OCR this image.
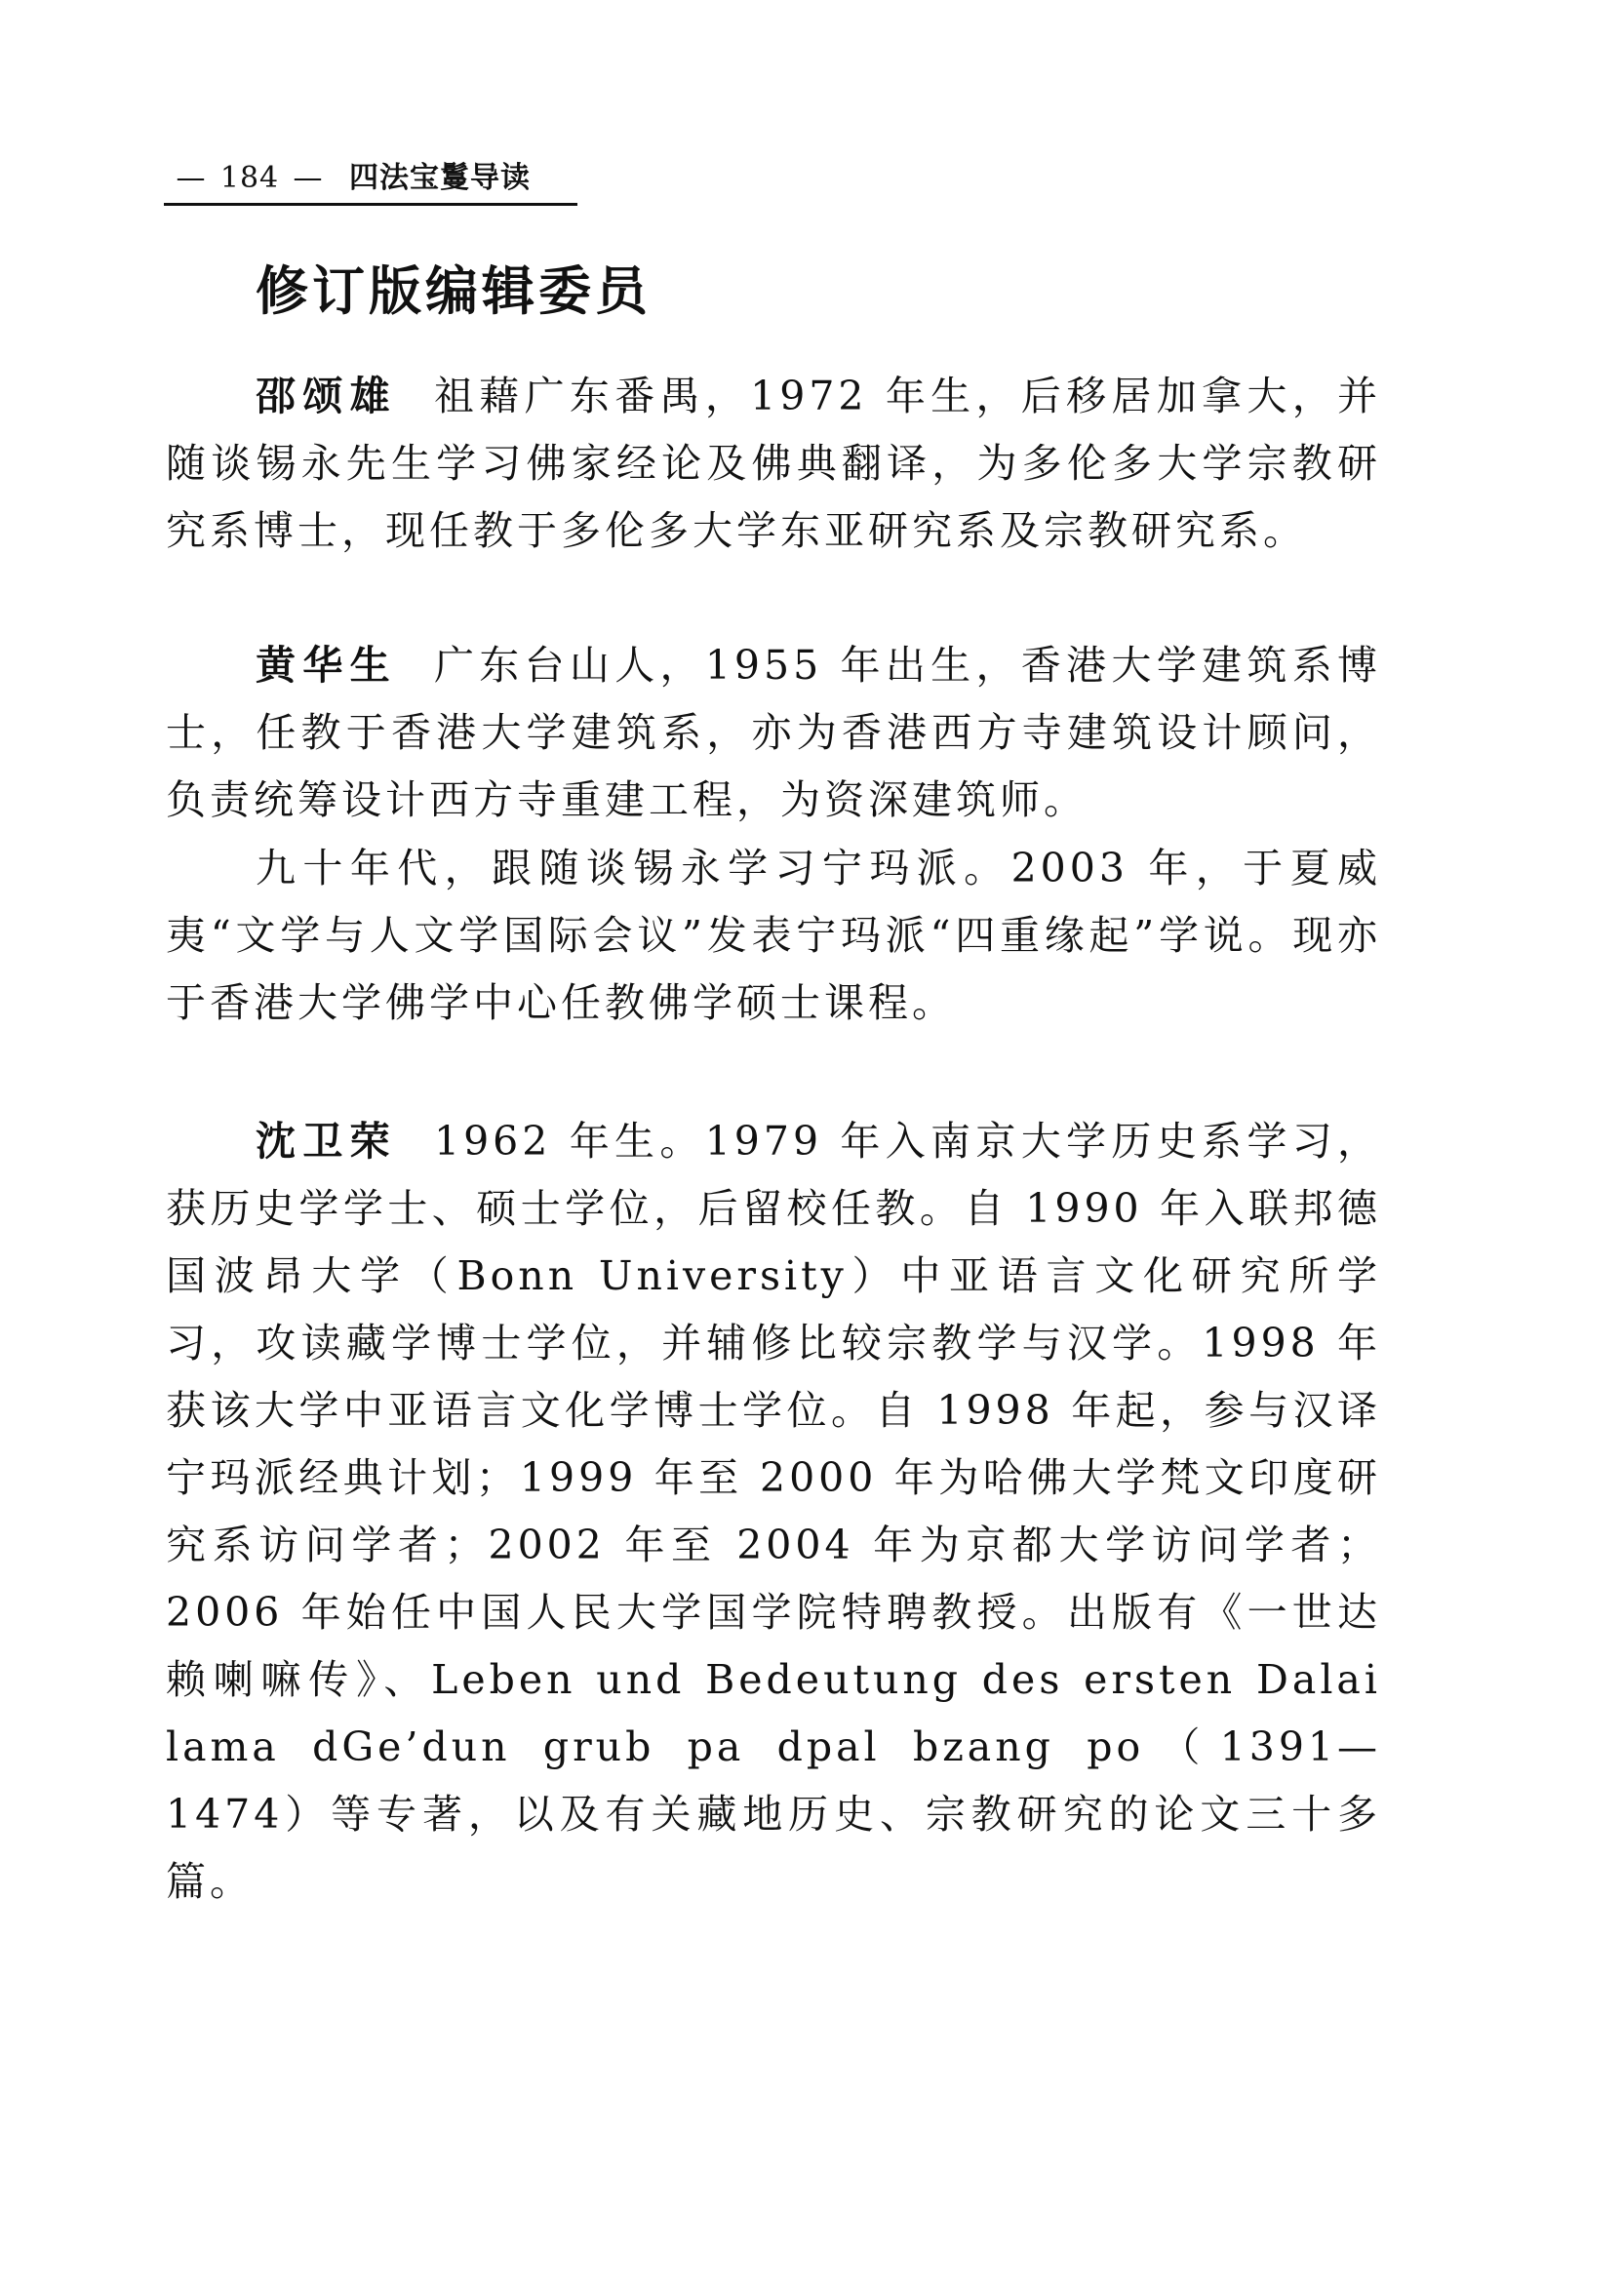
— 184 — 四法宝鬘导读
修订版编辑委员

邵颂雄 祖藉广东番禺，1972 年生，后移居加拿大，并随谈锡永先生学习佛家经论及佛典翻译，为多伦多大学宗教研究系博士，现任教于多伦多大学东亚研究系及宗教研究系。

黄华生 广东台山人，1955 年出生，香港大学建筑系博士，任教于香港大学建筑系，亦为香港西方寺建筑设计顾问，负责统筹设计西方寺重建工程，为资深建筑师。

九十年代，跟随谈锡永学习宁玛派。2003 年，于夏威夷“文学与人文学国际会议”发表宁玛派“四重缘起”学说。现亦于香港大学佛学中心任教佛学硕士课程。

沈卫荣 1962 年生。1979 年入南京大学历史系学习，获历史学学士、硕士学位，后留校任教。自 1990 年入联邦德国波昂大学（Bonn University）中亚语言文化研究所学习，攻读藏学博士学位，并辅修比较宗教学与汉学。1998 年获该大学中亚语言文化学博士学位。自 1998 年起，参与汉译宁玛派经典计划；1999 年至 2000 年为哈佛大学梵文印度研究系访问学者；2002 年至 2004 年为京都大学访问学者；2006 年始任中国人民大学国学院特聘教授。出版有《一世达赖喇嘛传》、Leben und Bedeutung des ersten Dalai lama dGe’dun grub pa dpal bzang po（1391—1474）等专著，以及有关藏地历史、宗教研究的论文三十多篇。
